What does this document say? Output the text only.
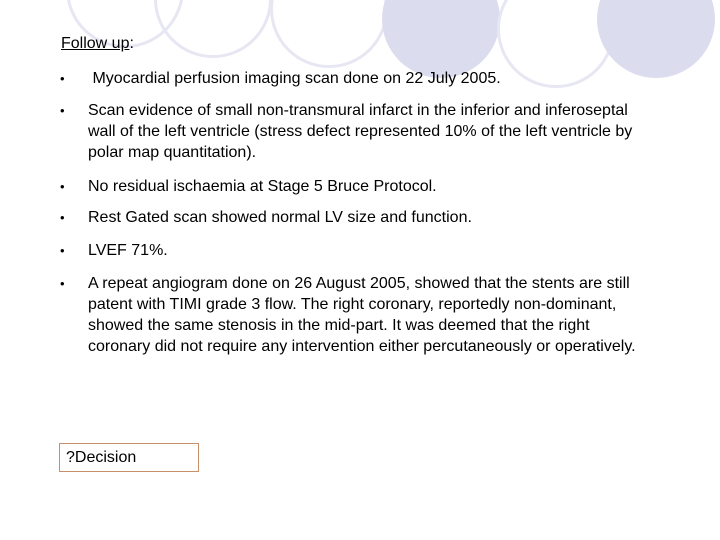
Follow up:
• Myocardial perfusion imaging scan done on 22 July 2005.
• Scan evidence of small non-transmural infarct in the inferior and inferoseptal wall of the left ventricle (stress defect represented 10% of the left ventricle by polar map quantitation).
• No residual ischaemia at Stage 5 Bruce Protocol.
• Rest Gated scan showed normal LV size and function.
• LVEF 71%.
• A repeat angiogram done on 26 August 2005, showed that the stents are still patent with TIMI grade 3 flow. The right coronary, reportedly non-dominant, showed the same stenosis in the mid-part. It was deemed that the right coronary did not require any intervention either percutaneously or operatively.
?Decision
